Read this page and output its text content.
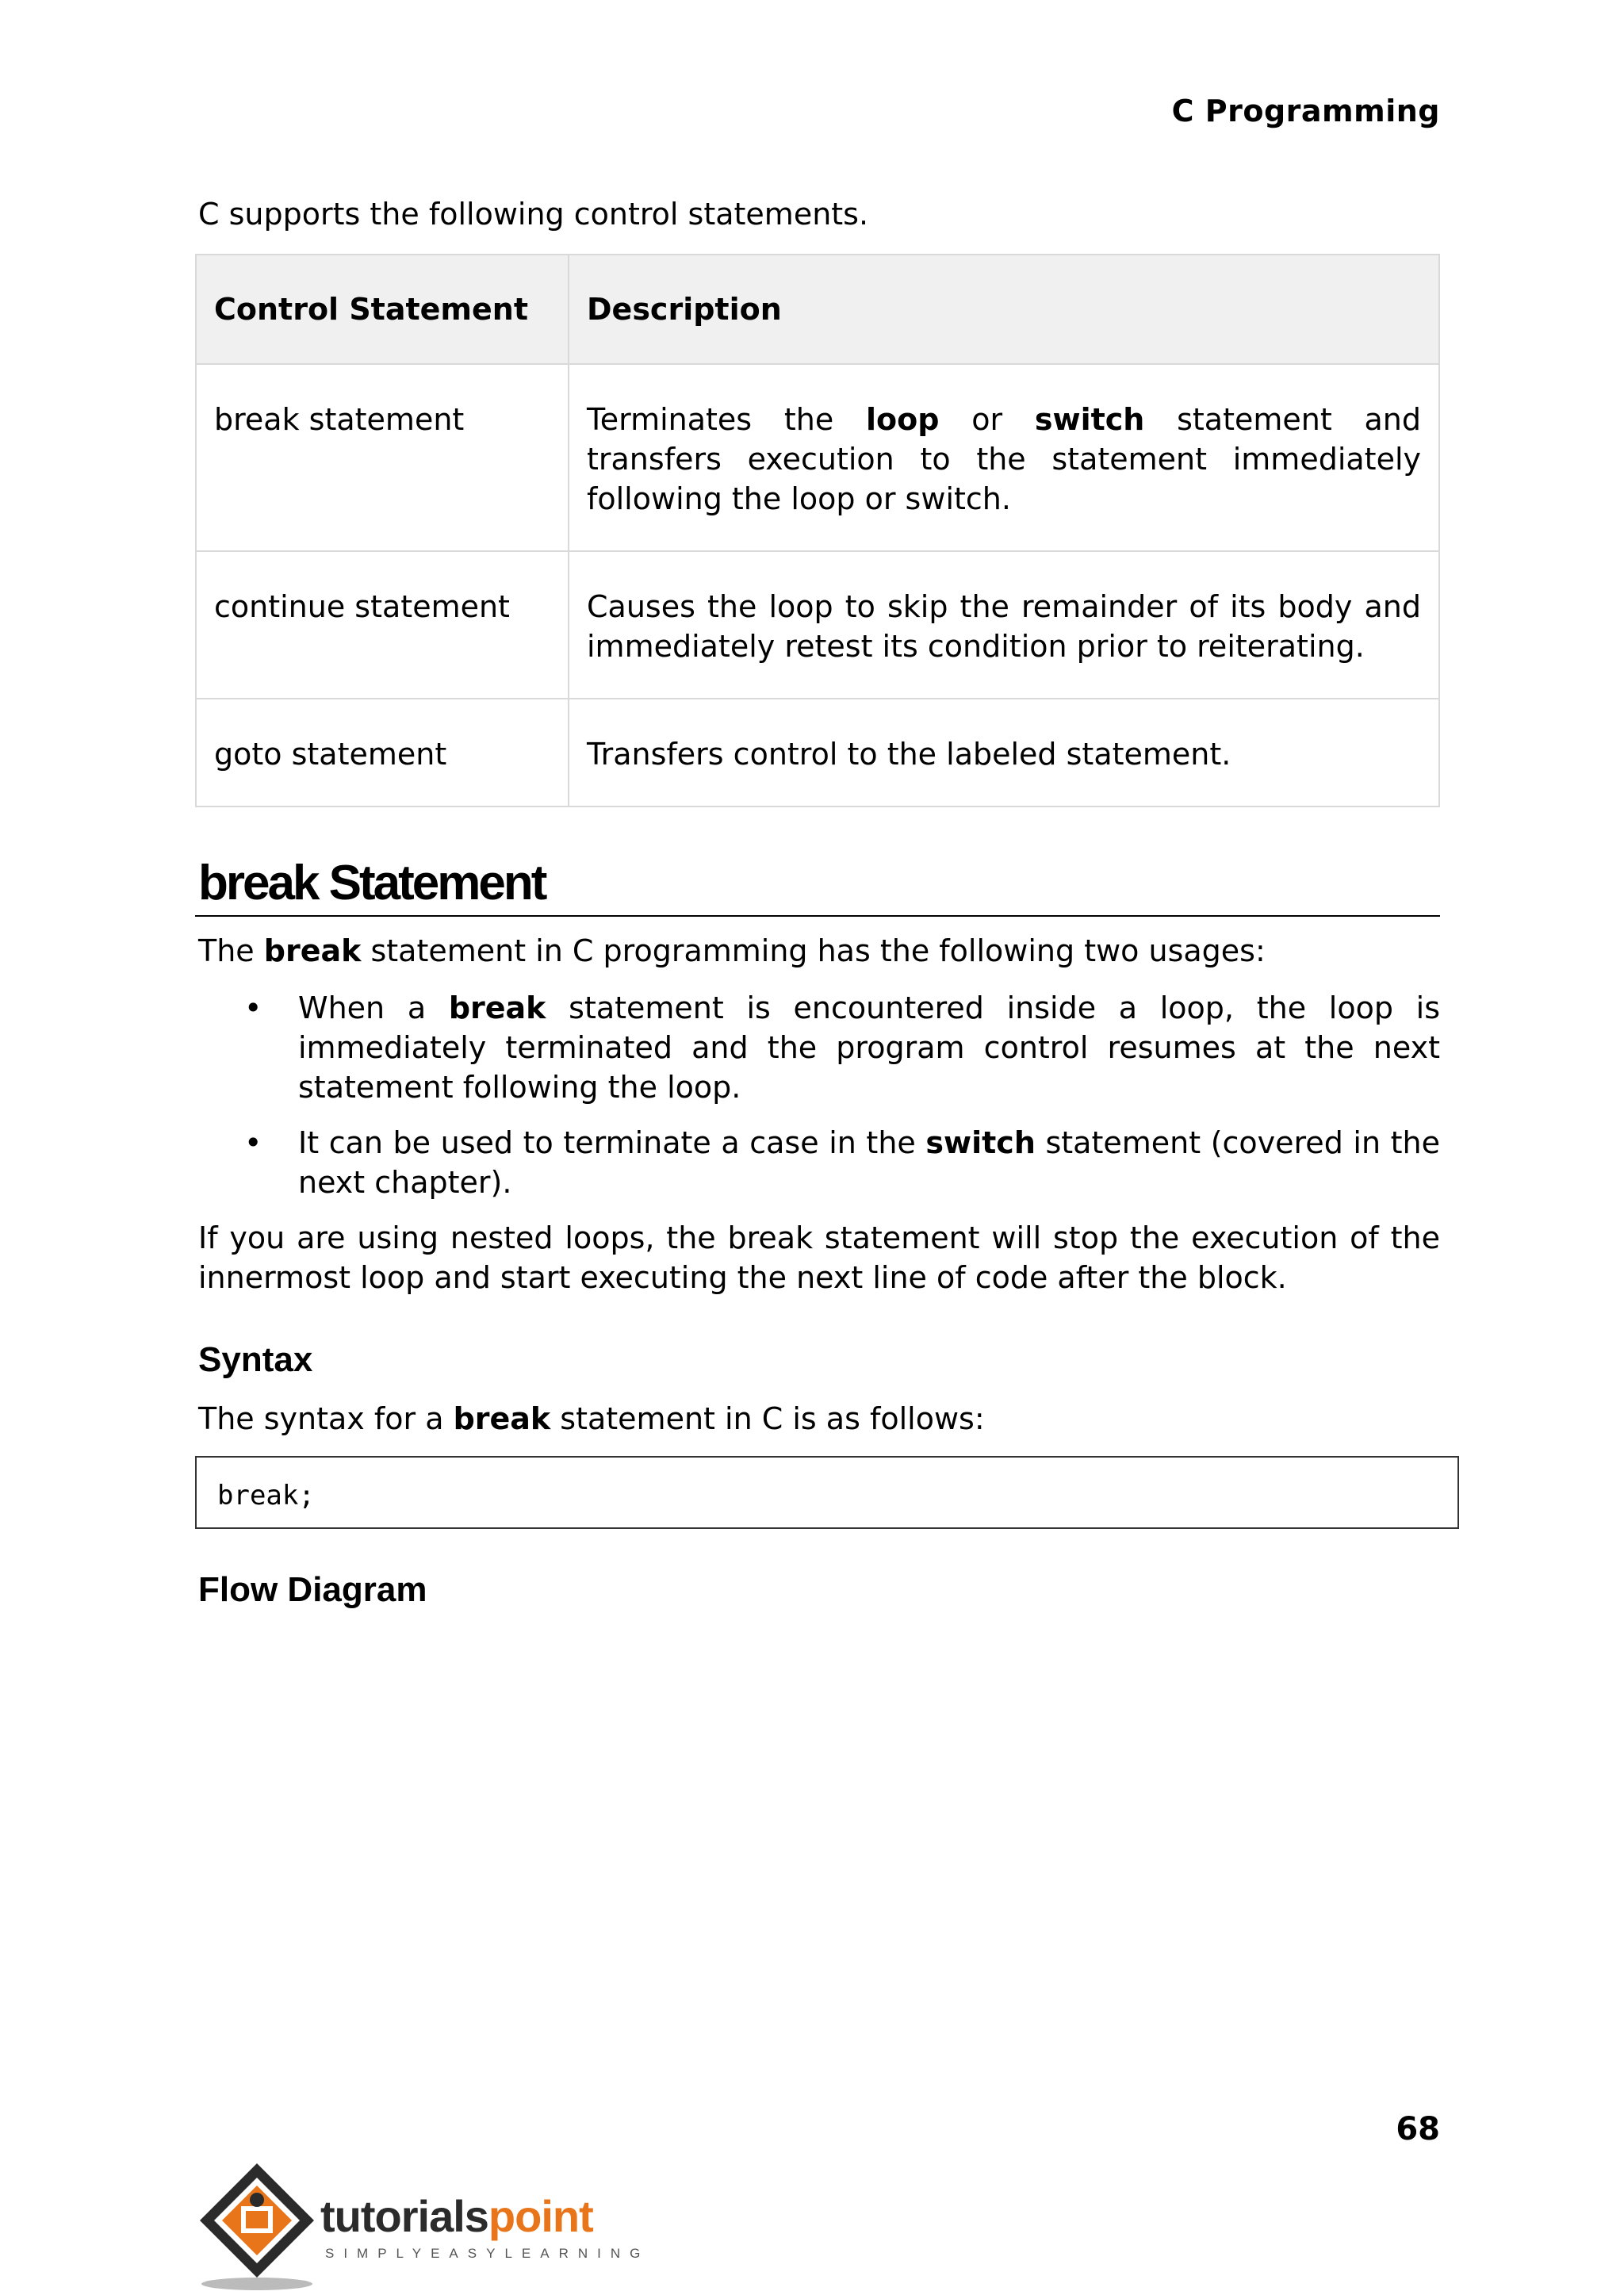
C Programming
C supports the following control statements.
Control Statement	Description
break statement	Terminates the loop or switch statement and transfers execution to the statement immediately following the loop or switch.
continue statement	Causes the loop to skip the remainder of its body and immediately retest its condition prior to reiterating.
goto statement	Transfers control to the labeled statement.
break Statement
The break statement in C programming has the following two usages:
• When a break statement is encountered inside a loop, the loop is immediately terminated and the program control resumes at the next statement following the loop.
• It can be used to terminate a case in the switch statement (covered in the next chapter).
If you are using nested loops, the break statement will stop the execution of the innermost loop and start executing the next line of code after the block.
Syntax
The syntax for a break statement in C is as follows:
break;
Flow Diagram
68
tutorialspoint
SIMPLYEASYLEARNING
